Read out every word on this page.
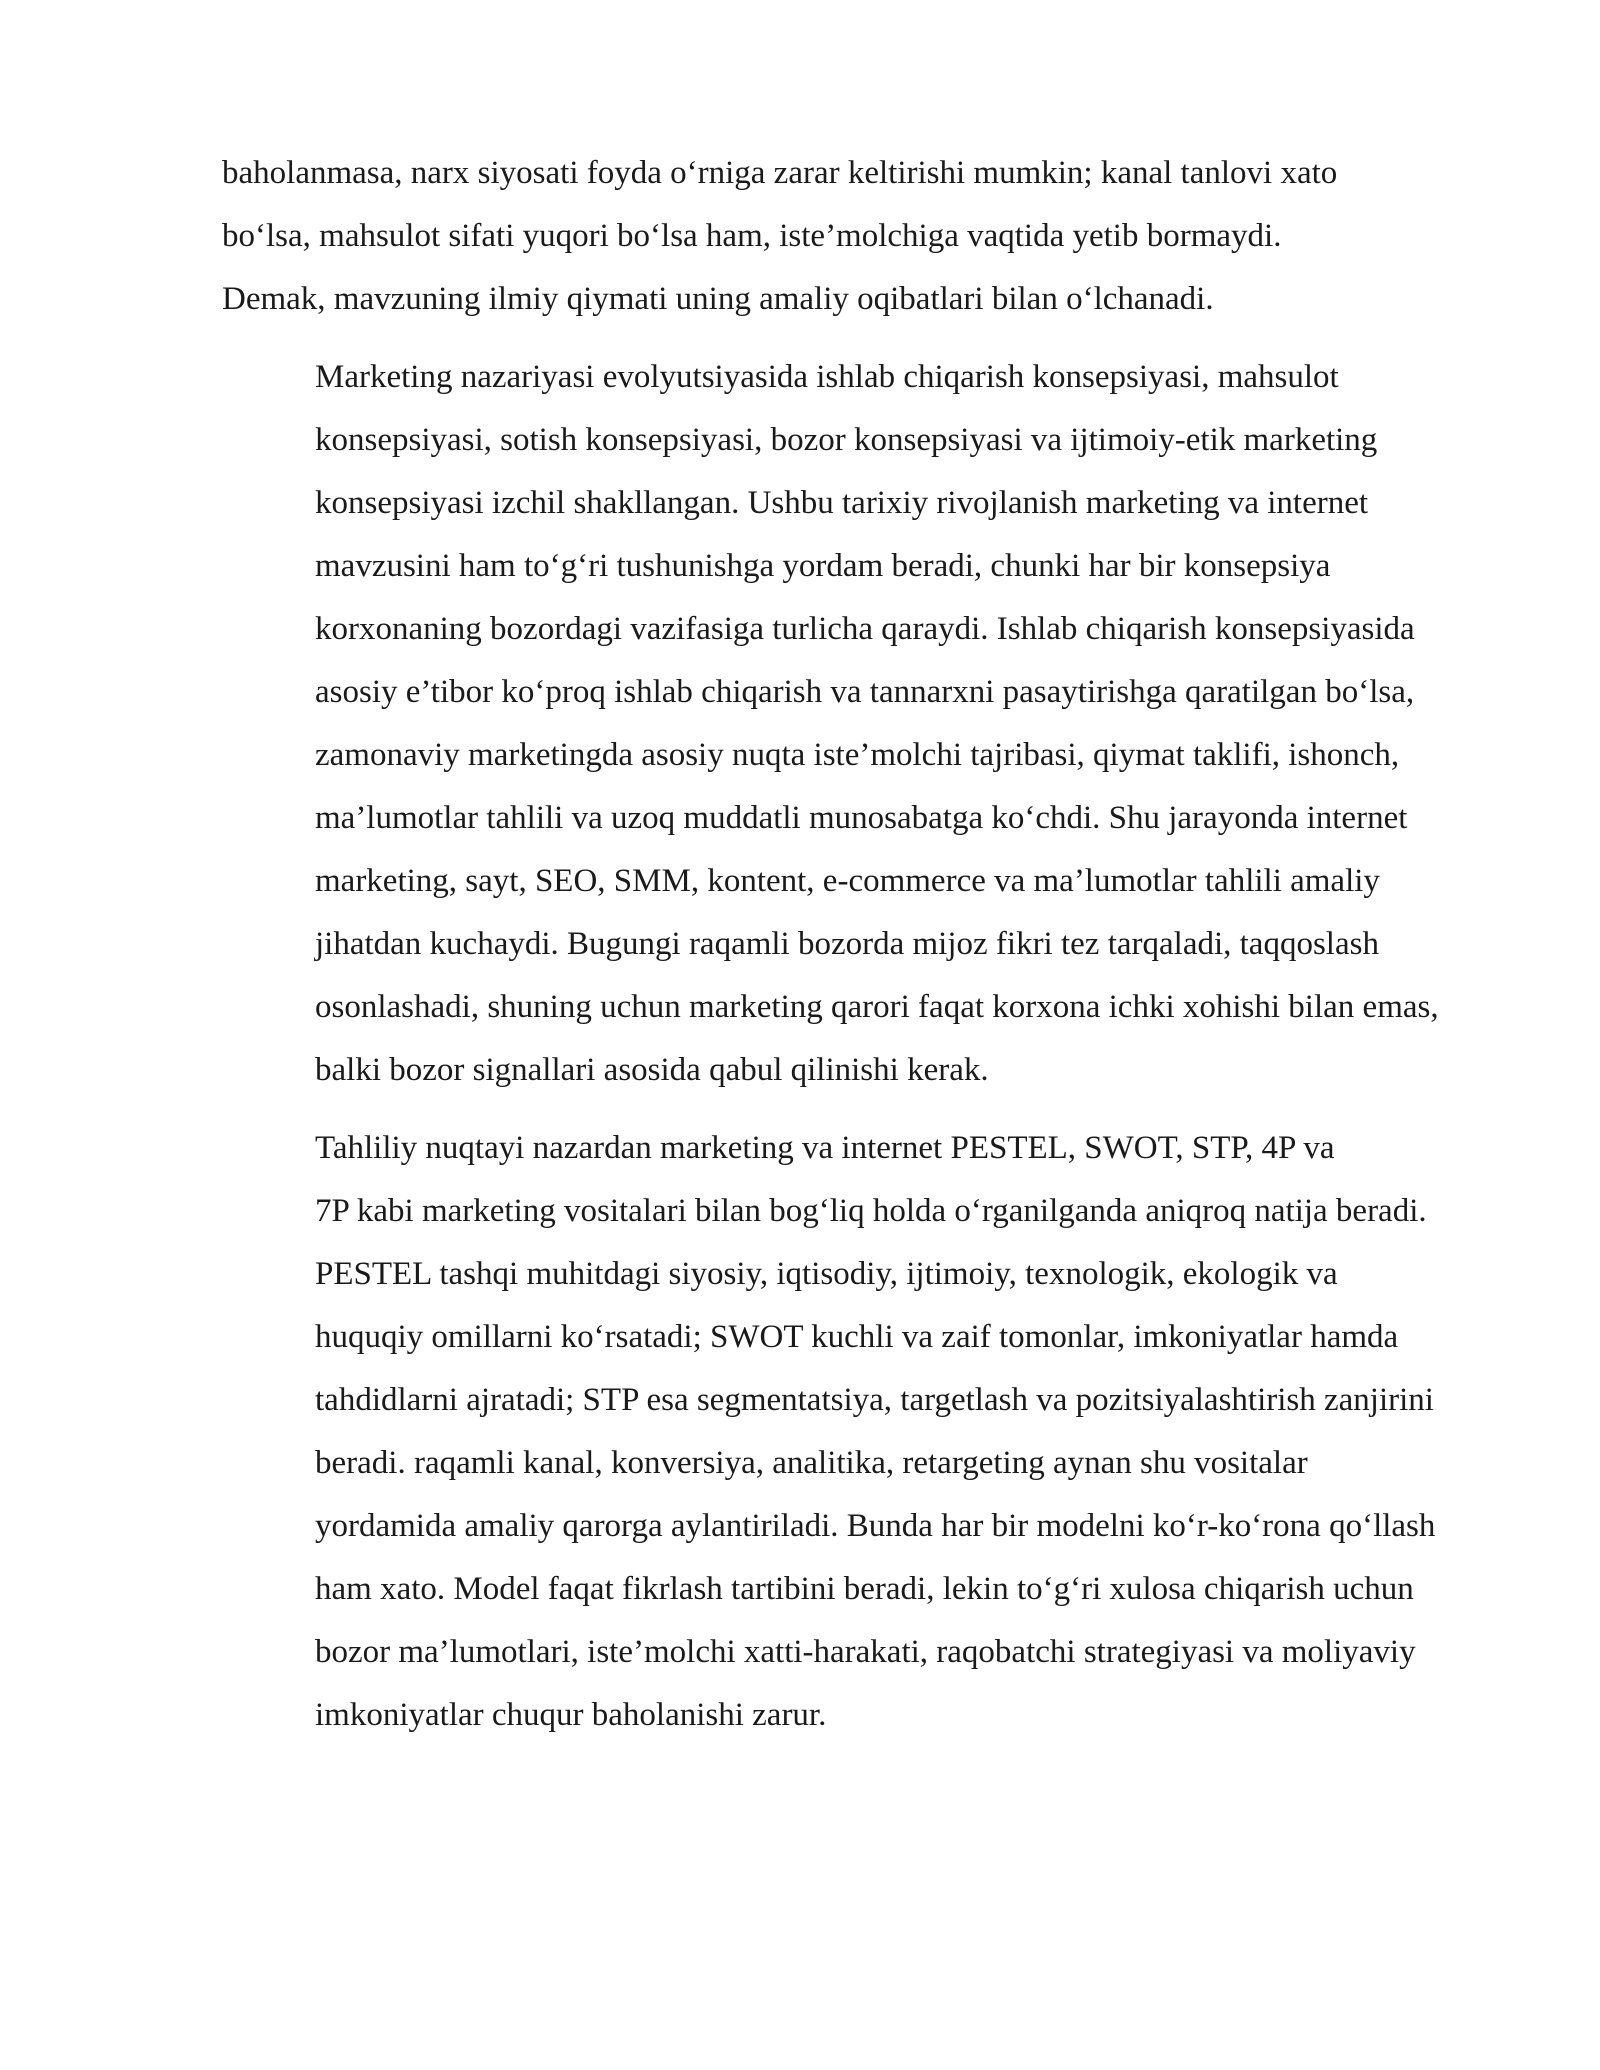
baholanmasa, narx siyosati foyda o‘rniga zarar keltirishi mumkin; kanal tanlovi xato
bo‘lsa, mahsulot sifati yuqori bo‘lsa ham, iste’molchiga vaqtida yetib bormaydi.
Demak, mavzuning ilmiy qiymati uning amaliy oqibatlari bilan o‘lchanadi.

Marketing nazariyasi evolyutsiyasida ishlab chiqarish konsepsiyasi, mahsulot
konsepsiyasi, sotish konsepsiyasi, bozor konsepsiyasi va ijtimoiy-etik marketing
konsepsiyasi izchil shakllangan. Ushbu tarixiy rivojlanish marketing va internet
mavzusini ham to‘g‘ri tushunishga yordam beradi, chunki har bir konsepsiya
korxonaning bozordagi vazifasiga turlicha qaraydi. Ishlab chiqarish konsepsiyasida
asosiy e’tibor ko‘proq ishlab chiqarish va tannarxni pasaytirishga qaratilgan bo‘lsa,
zamonaviy marketingda asosiy nuqta iste’molchi tajribasi, qiymat taklifi, ishonch,
ma’lumotlar tahlili va uzoq muddatli munosabatga ko‘chdi. Shu jarayonda internet
marketing, sayt, SEO, SMM, kontent, e-commerce va ma’lumotlar tahlili amaliy
jihatdan kuchaydi. Bugungi raqamli bozorda mijoz fikri tez tarqaladi, taqqoslash
osonlashadi, shuning uchun marketing qarori faqat korxona ichki xohishi bilan emas,
balki bozor signallari asosida qabul qilinishi kerak.

Tahliliy nuqtayi nazardan marketing va internet PESTEL, SWOT, STP, 4P va
7P kabi marketing vositalari bilan bog‘liq holda o‘rganilganda aniqroq natija beradi.
PESTEL tashqi muhitdagi siyosiy, iqtisodiy, ijtimoiy, texnologik, ekologik va
huquqiy omillarni ko‘rsatadi; SWOT kuchli va zaif tomonlar, imkoniyatlar hamda
tahdidlarni ajratadi; STP esa segmentatsiya, targetlash va pozitsiyalashtirish zanjirini
beradi. raqamli kanal, konversiya, analitika, retargeting aynan shu vositalar
yordamida amaliy qarorga aylantiriladi. Bunda har bir modelni ko‘r-ko‘rona qo‘llash
ham xato. Model faqat fikrlash tartibini beradi, lekin to‘g‘ri xulosa chiqarish uchun
bozor ma’lumotlari, iste’molchi xatti-harakati, raqobatchi strategiyasi va moliyaviy
imkoniyatlar chuqur baholanishi zarur.
